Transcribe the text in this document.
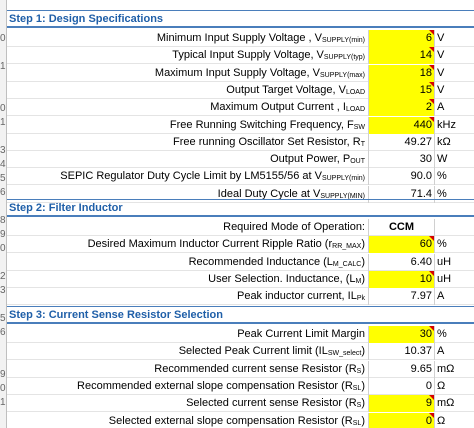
0
1
0
1
3
4
5
6
8
9
0
2
3
5
6
9
0
1
Step 1: Design Specifications
Minimum Input Supply Voltage , $V_{SUPPLY(min)}$	6 V
Typical Input Supply Voltage, $V_{SUPPLY(typ)}$	14 V
Maximum Input Supply Voltage, $V_{SUPPLY(max)}$	18 V
Output Target Voltage, $V_{LOAD}$	15 V
Maximum Output Current , $I_{LOAD}$	2 A
Free Running Switching Frequency, $F_{SW}$	440 kHz
Free running Oscillator Set Resistor, $R_T$	49.27 kΩ
Output Power, $P_{OUT}$	30 W
SEPIC Regulator Duty Cycle Limit by LM5155/56 at $V_{SUPPLY(min)}$	90.0 %
Ideal Duty Cycle at $V_{SUPPLY(MIN)}$	71.4 %
Step 2: Filter Inductor
Required Mode of Operation:	CCM
Desired Maximum Inductor Current Ripple Ratio $(r_{RR\_MAX})$	60 %
Recommended Inductance $(L_{M\_CALC})$	6.40 uH
User Selection. Inductance, $(L_M)$	10 uH
Peak inductor current, $IL_{Pk}$	7.97 A
Step 3: Current Sense Resistor Selection
Peak Current Limit Margin	30 %
Selected Peak Current limit $(IL_{SW\_select})$	10.37 A
Recommended current sense Resistor $(R_S)$	9.65 mΩ
Recommended external slope compensation Resistor $(R_{SL})$	0 Ω
Selected current sense Resistor $(R_S)$	9 mΩ
Selected external slope compensation Resistor $(R_{SL})$	0 Ω
